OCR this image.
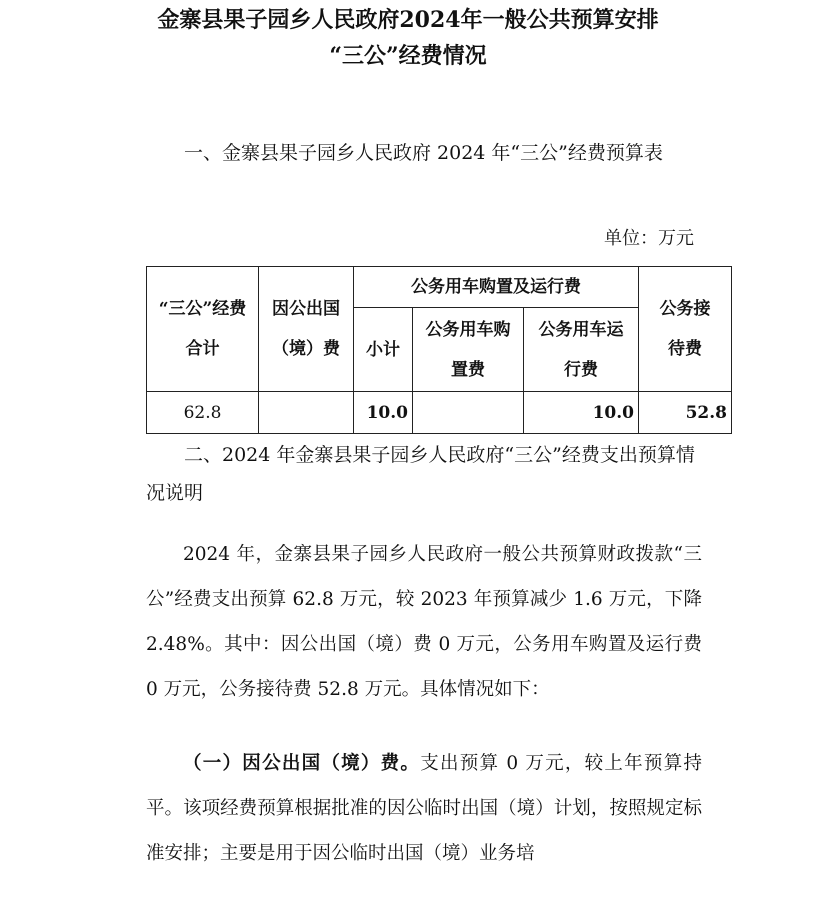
金寨县果子园乡人民政府2024年一般公共预算安排
“三公”经费情况
一、金寨县果子园乡人民政府 2024 年“三公”经费预算表
单位：万元
“三公”经费合计	因公出国（境）费	公务用车购置及运行费			公务接待费
		小计	公务用车购置费	公务用车运行费	
62.8		10.0		10.0	52.8
二、2024 年金寨县果子园乡人民政府“三公”经费支出预算情况说明

2024 年，金寨县果子园乡人民政府一般公共预算财政拨款“三公”经费支出预算 62.8 万元，较 2023 年预算减少 1.6 万元，下降 2.48%。其中：因公出国（境）费 0 万元，公务用车购置及运行费 0 万元，公务接待费 52.8 万元。具体情况如下：

（一）因公出国（境）费。支出预算 0 万元，较上年预算持平。该项经费预算根据批准的因公临时出国（境）计划，按照规定标准安排；主要是用于因公临时出国（境）业务培
